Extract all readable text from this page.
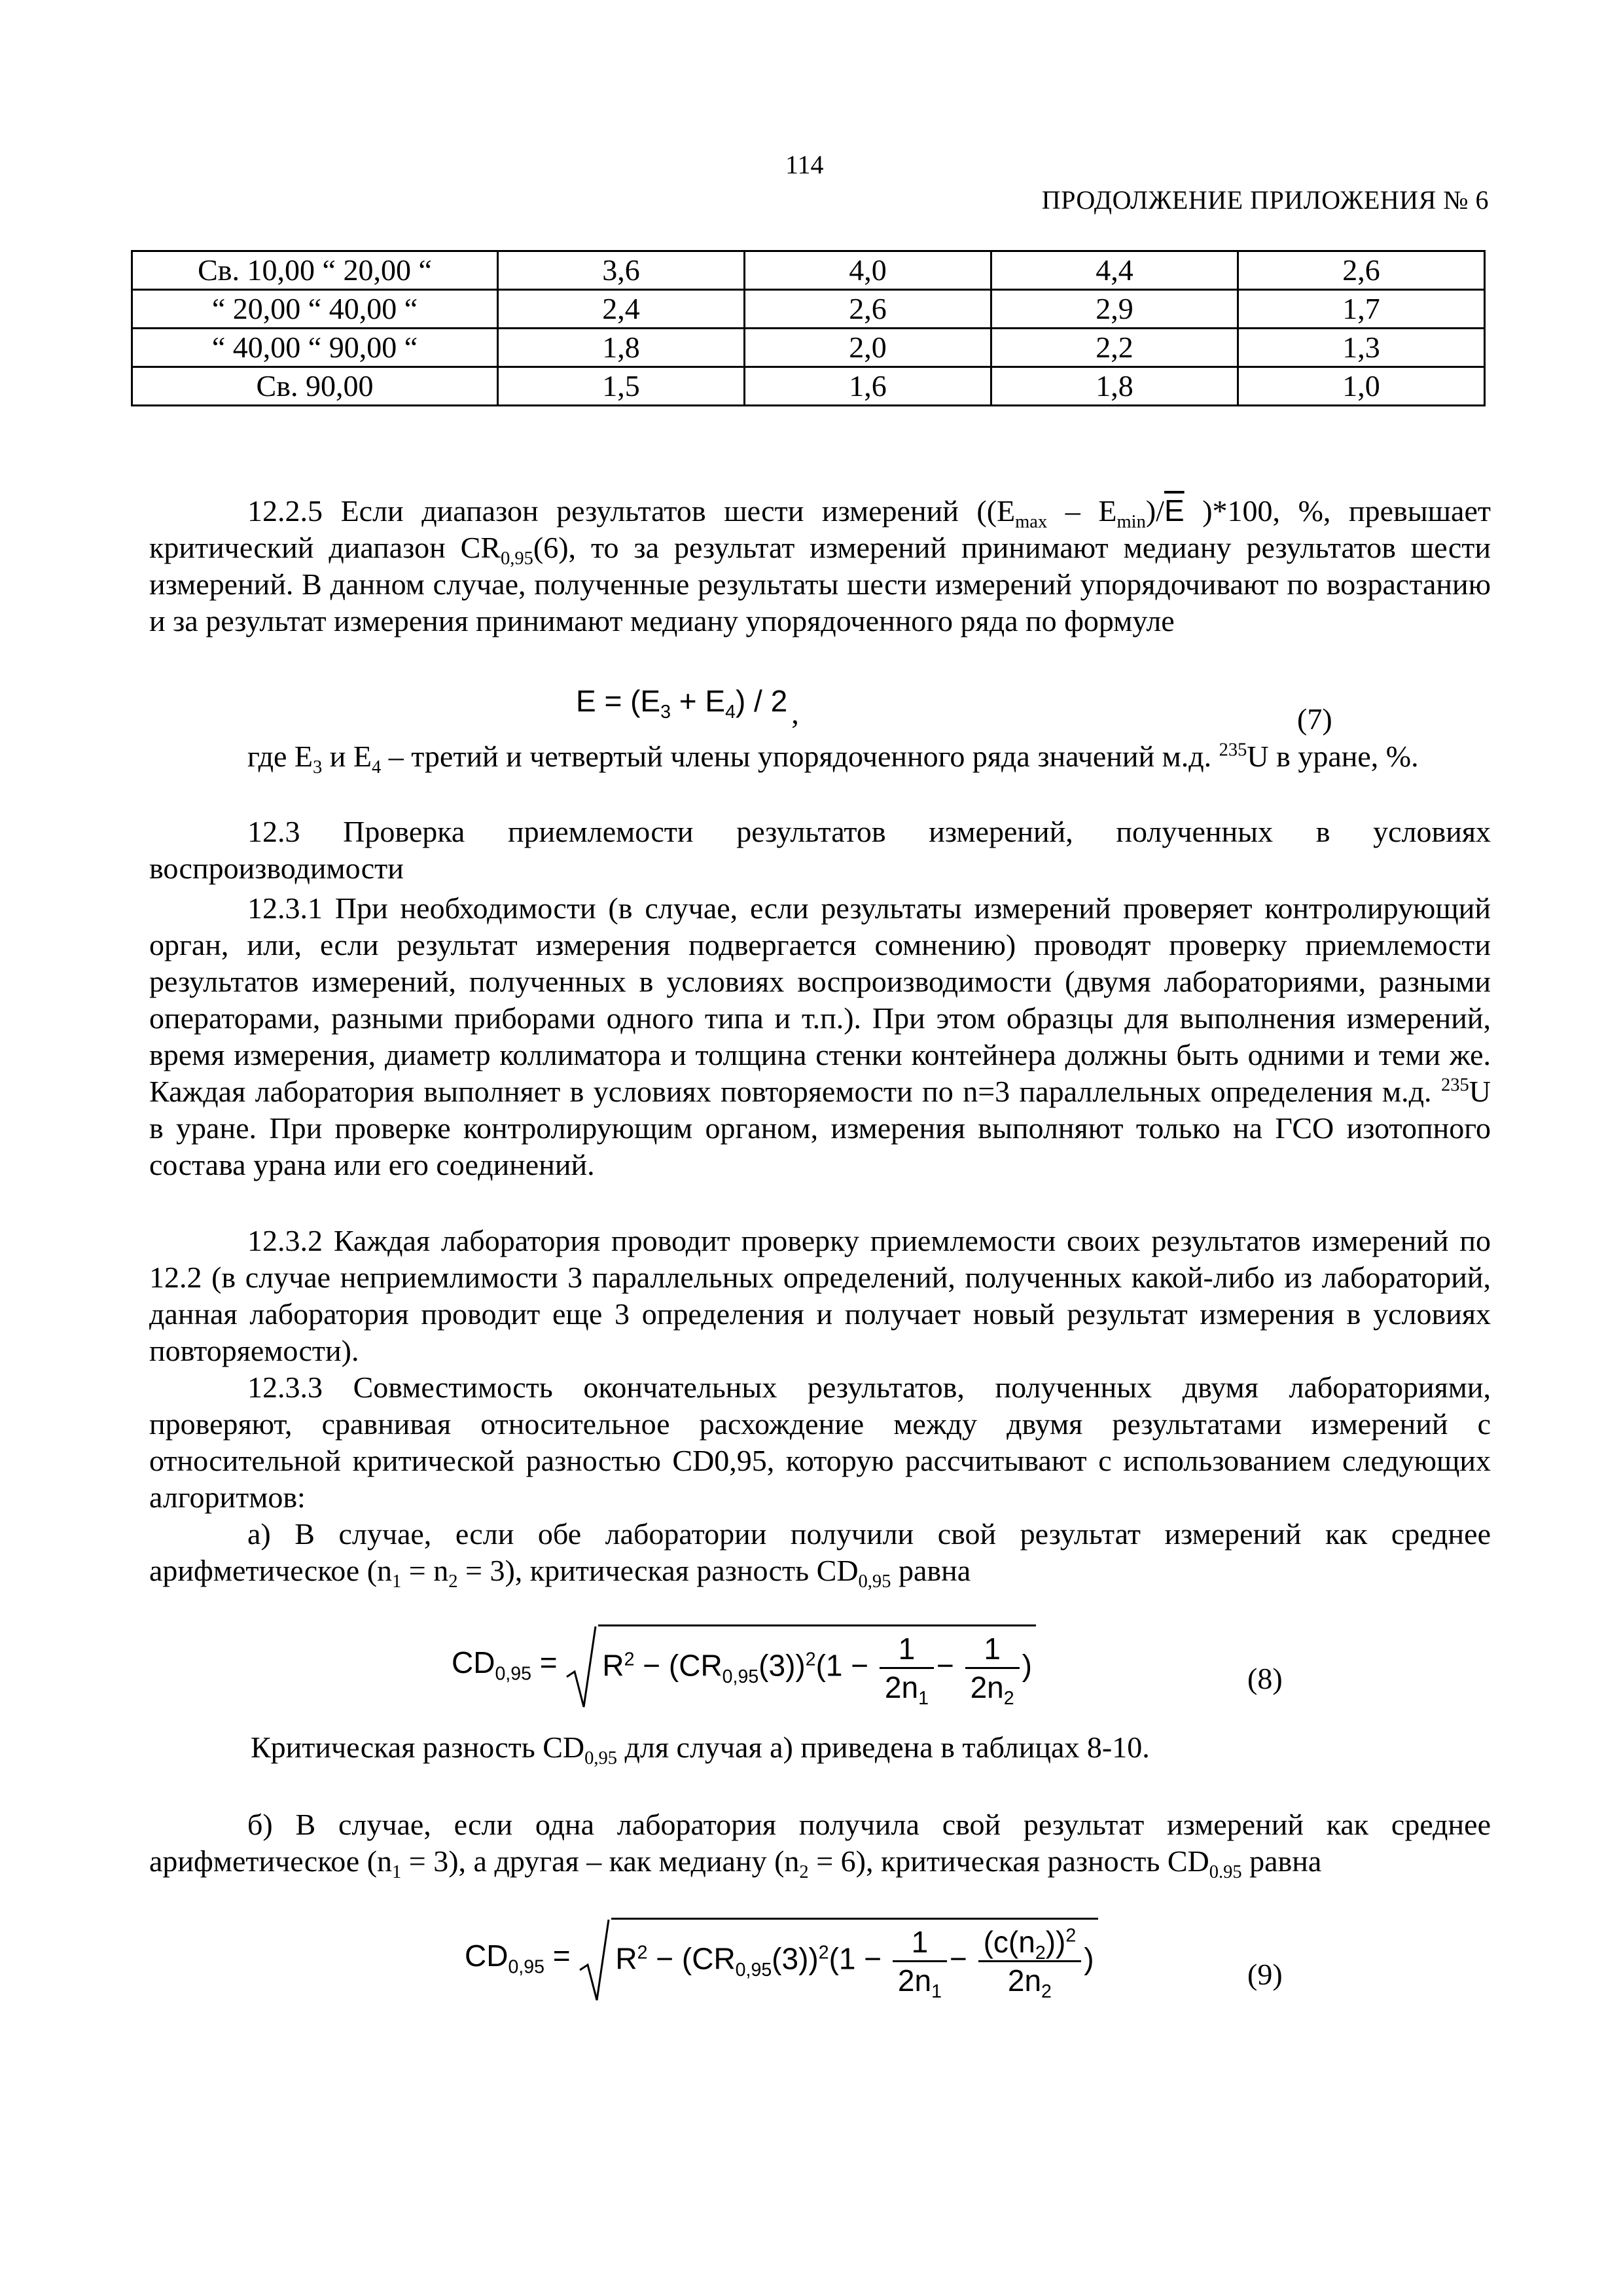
114
ПРОДОЛЖЕНИЕ ПРИЛОЖЕНИЯ № 6
Св. 10,00 “ 20,00 “	3,6	4,0	4,4	2,6
“ 20,00 “ 40,00 “	2,4	2,6	2,9	1,7
“ 40,00 “ 90,00 “	1,8	2,0	2,2	1,3
Св. 90,00	1,5	1,6	1,8	1,0
12.2.5 Если диапазон результатов шести измерений ($(E_{max} - E_{min})/\overline{E}$ )*100, %, превышает критический диапазон $CR_{0,95}(6)$, то за результат измерений принимают медиану результатов шести измерений. В данном случае, полученные результаты шести измерений упорядочивают по возрастанию и за результат измерения принимают медиану упорядоченного ряда по формуле
$E = (E_3 + E_4) / 2$ ,	(7)
где $E_3$ и $E_4$ – третий и четвертый члены упорядоченного ряда значений м.д. $^{235}$U в уране, %.
12.3 Проверка приемлемости результатов измерений, полученных в условиях воспроизводимости
12.3.1 При необходимости (в случае, если результаты измерений проверяет контролирующий орган, или, если результат измерения подвергается сомнению) проводят проверку приемлемости результатов измерений, полученных в условиях воспроизводимости (двумя лабораториями, разными операторами, разными приборами одного типа и т.п.). При этом образцы для выполнения измерений, время измерения, диаметр коллиматора и толщина стенки контейнера должны быть одними и теми же. Каждая лаборатория выполняет в условиях повторяемости по n=3 параллельных определения м.д. $^{235}$U в уране. При проверке контролирующим органом, измерения выполняют только на ГСО изотопного состава урана или его соединений.
12.3.2 Каждая лаборатория проводит проверку приемлемости своих результатов измерений по 12.2 (в случае неприемлимости 3 параллельных определений, полученных какой-либо из лабораторий, данная лаборатория проводит еще 3 определения и получает новый результат измерения в условиях повторяемости).
12.3.3 Совместимость окончательных результатов, полученных двумя лабораториями, проверяют, сравнивая относительное расхождение между двумя результатами измерений с относительной критической разностью CD0,95, которую рассчитывают с использованием следующих алгоритмов:
а) В случае, если обе лаборатории получили свой результат измерений как среднее арифметическое $(n_1 = n_2 = 3)$, критическая разность $CD_{0,95}$ равна
$CD_{0,95} = R^2 - (CR_{0,95}(3))^2(1 - \frac{1}{2n_1} - \frac{1}{2n_2}$ )	(8)
Критическая разность $CD_{0,95}$ для случая а) приведена в таблицах 8-10.
б) В случае, если одна лаборатория получила свой результат измерений как среднее арифметическое $(n_1 = 3)$, а другая – как медиану $(n_2 = 6)$, критическая разность $CD_{0.95}$ равна
$CD_{0,95} = R^2 - (CR_{0,95}(3))^2(1 - \frac{1}{2n_1} - \frac{(c(n_2))^2}{2n_2}$ )	(9)
